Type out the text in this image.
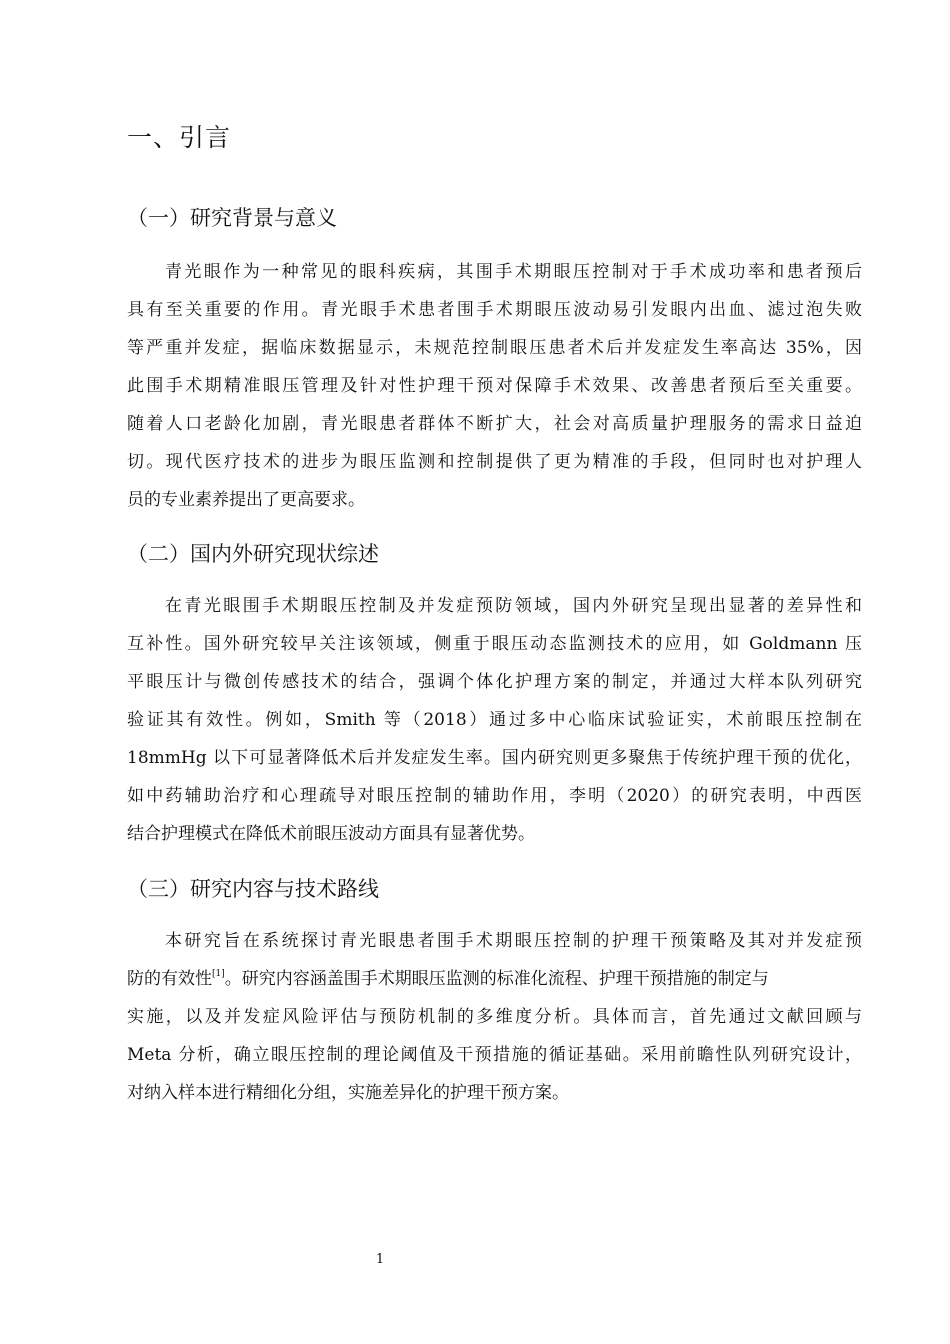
一、引言
（一）研究背景与意义
青光眼作为一种常见的眼科疾病，其围手术期眼压控制对于手术成功率和患者预后
具有至关重要的作用。青光眼手术患者围手术期眼压波动易引发眼内出血、滤过泡失败
等严重并发症，据临床数据显示，未规范控制眼压患者术后并发症发生率高达 35%，因
此围手术期精准眼压管理及针对性护理干预对保障手术效果、改善患者预后至关重要。
随着人口老龄化加剧，青光眼患者群体不断扩大，社会对高质量护理服务的需求日益迫
切。现代医疗技术的进步为眼压监测和控制提供了更为精准的手段，但同时也对护理人
员的专业素养提出了更高要求。
（二）国内外研究现状综述
在青光眼围手术期眼压控制及并发症预防领域，国内外研究呈现出显著的差异性和
互补性。国外研究较早关注该领域，侧重于眼压动态监测技术的应用，如 Goldmann 压
平眼压计与微创传感技术的结合，强调个体化护理方案的制定，并通过大样本队列研究
验证其有效性。例如，Smith 等（2018）通过多中心临床试验证实，术前眼压控制在
18mmHg 以下可显著降低术后并发症发生率。国内研究则更多聚焦于传统护理干预的优化，
如中药辅助治疗和心理疏导对眼压控制的辅助作用，李明（2020）的研究表明，中西医
结合护理模式在降低术前眼压波动方面具有显著优势。
（三）研究内容与技术路线
本研究旨在系统探讨青光眼患者围手术期眼压控制的护理干预策略及其对并发症预
防的有效性[1]。研究内容涵盖围手术期眼压监测的标准化流程、护理干预措施的制定与
实施，以及并发症风险评估与预防机制的多维度分析。具体而言，首先通过文献回顾与
Meta 分析，确立眼压控制的理论阈值及干预措施的循证基础。采用前瞻性队列研究设计，
对纳入样本进行精细化分组，实施差异化的护理干预方案。
1
